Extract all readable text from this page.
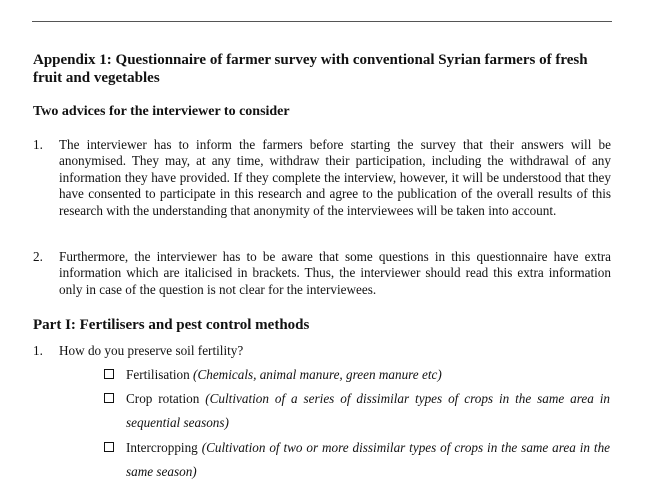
Appendix 1: Questionnaire of farmer survey with conventional Syrian farmers of fresh fruit and vegetables
Two advices for the interviewer to consider
1. The interviewer has to inform the farmers before starting the survey that their answers will be anonymised. They may, at any time, withdraw their participation, including the withdrawal of any information they have provided. If they complete the interview, however, it will be understood that they have consented to participate in this research and agree to the publication of the overall results of this research with the understanding that anonymity of the interviewees will be taken into account.
2. Furthermore, the interviewer has to be aware that some questions in this questionnaire have extra information which are italicised in brackets. Thus, the interviewer should read this extra information only in case of the question is not clear for the interviewees.
Part I: Fertilisers and pest control methods
1. How do you preserve soil fertility?
Fertilisation (Chemicals, animal manure, green manure etc)
Crop rotation (Cultivation of a series of dissimilar types of crops in the same area in sequential seasons)
Intercropping (Cultivation of two or more dissimilar types of crops in the same area in the same season)
